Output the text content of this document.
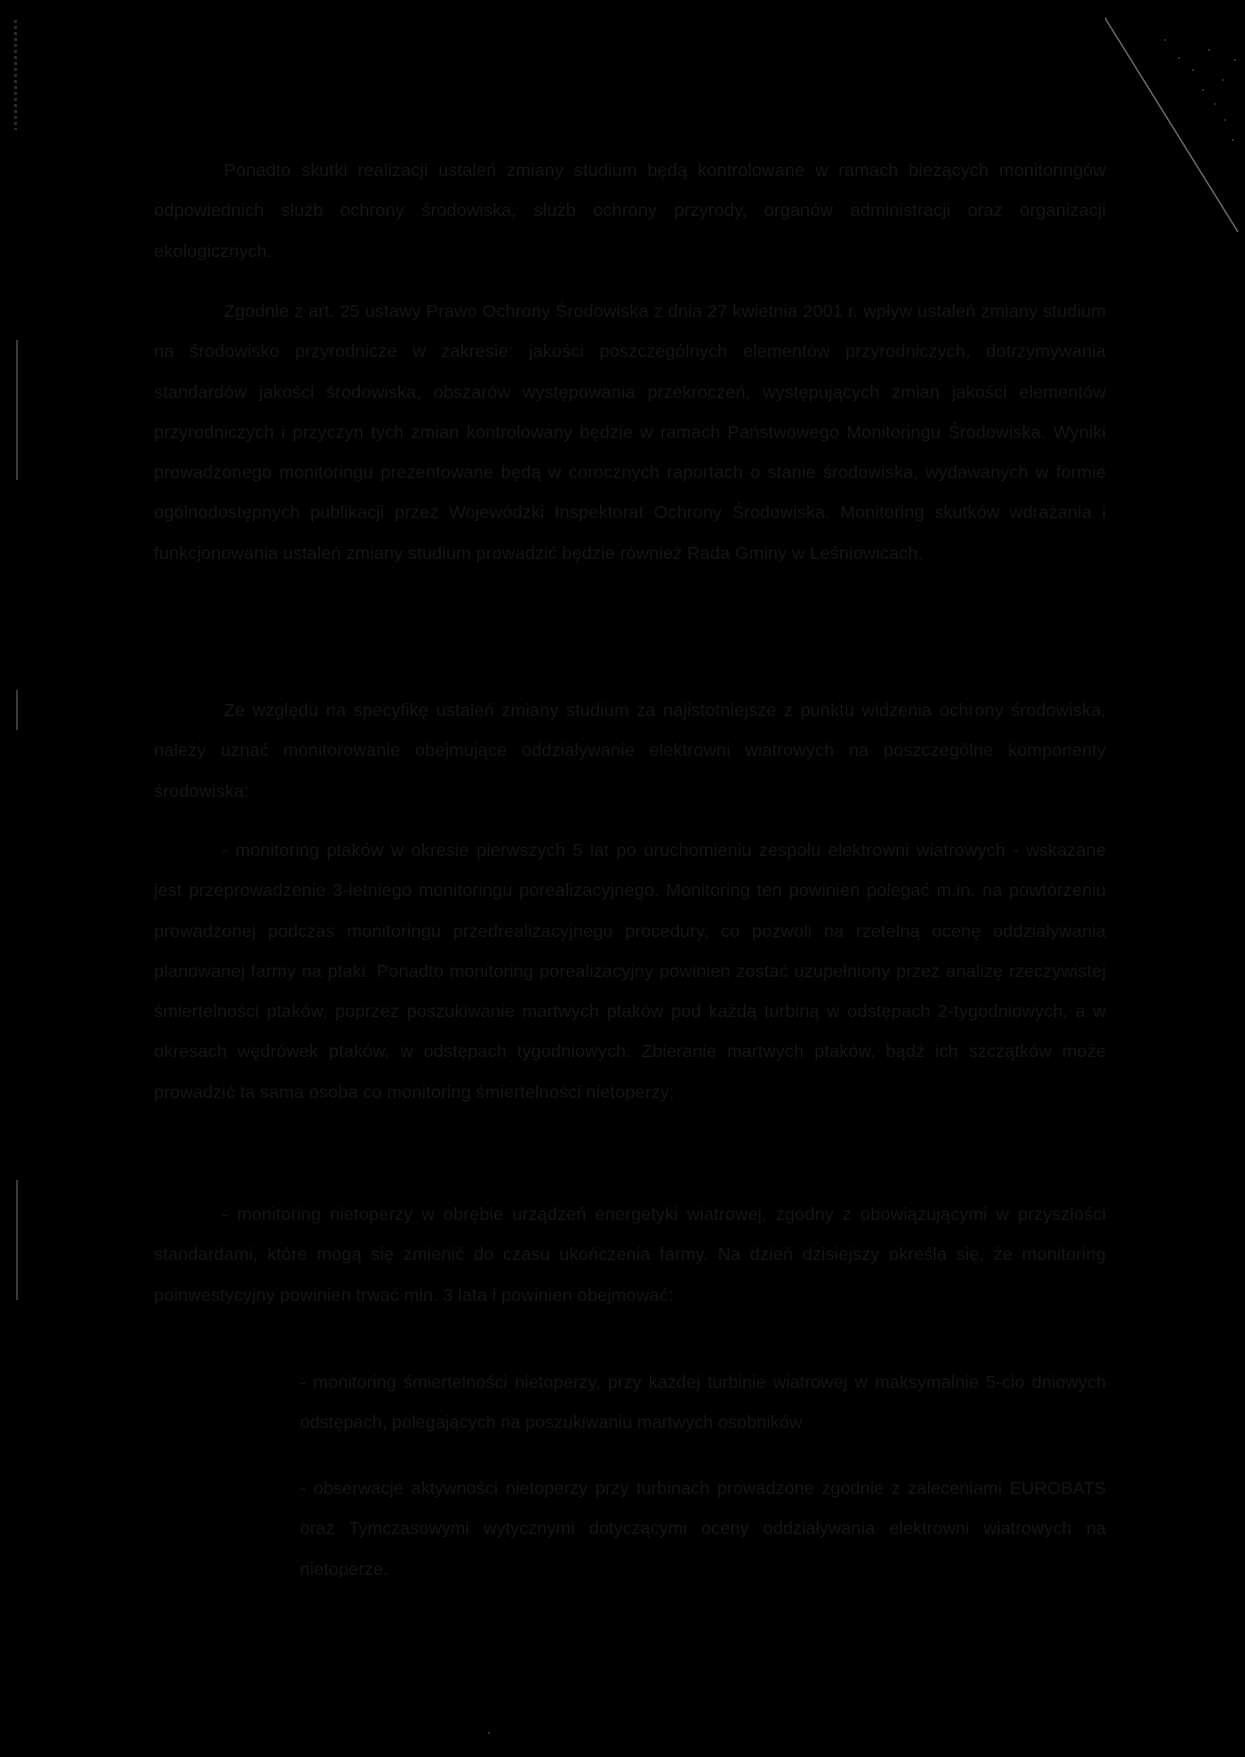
Ponadto skutki realizacji ustaleń zmiany studium będą kontrolowane w ramach bieżących monitoringów odpowiednich służb ochrony środowiska, służb ochrony przyrody, organów administracji oraz organizacji ekologicznych.
Zgodnie z art. 25 ustawy Prawo Ochrony Środowiska z dnia 27 kwietnia 2001 r. wpływ ustaleń zmiany studium na środowisko przyrodnicze w zakresie: jakości poszczególnych elementów przyrodniczych, dotrzymywania standardów jakości środowiska, obszarów występowania przekroczeń, występujących zmian jakości elementów przyrodniczych i przyczyn tych zmian kontrolowany będzie w ramach Państwowego Monitoringu Środowiska. Wyniki prowadzonego monitoringu prezentowane będą w corocznych raportach o stanie środowiska, wydawanych w formie ogólnodostępnych publikacji przez Wojewódzki Inspektorat Ochrony Środowiska. Monitoring skutków wdrażania i funkcjonowania ustaleń zmiany studium prowadzić będzie również Rada Gminy w Leśniowicach.
Ze względu na specyfikę ustaleń zmiany studium za najistotniejsze z punktu widzenia ochrony środowiska, należy uznać monitorowanie obejmujące oddziaływanie elektrowni wiatrowych na poszczególne komponenty środowiska:
- monitoring ptaków w okresie pierwszych 5 lat po uruchomieniu zespołu elektrowni wiatrowych - wskazane jest przeprowadzenie 3-letniego monitoringu porealizacyjnego. Monitoring ten powinien polegać m.in. na powtórzeniu prowadzonej podczas monitoringu przedrealizacyjnego procedury, co pozwoli na rzetelną ocenę oddziaływania planowanej farmy na ptaki. Ponadto monitoring porealizacyjny powinien zostać uzupełniony przez analizę rzeczywistej śmiertelności ptaków, poprzez poszukiwanie martwych ptaków pod każdą turbiną w odstępach 2-tygodniowych, a w okresach wędrówek ptaków, w odstępach tygodniowych. Zbieranie martwych ptaków, bądź ich szczątków może prowadzić ta sama osoba co monitoring śmiertelności nietoperzy;
- monitoring nietoperzy w obrębie urządzeń energetyki wiatrowej, zgodny z obowiązującymi w przyszłości standardami, które mogą się zmienić do czasu ukończenia farmy. Na dzień dzisiejszy określa się, że monitoring poinwestycyjny powinien trwać min. 3 lata i powinien obejmować:
- monitoring śmiertelności nietoperzy, przy każdej turbinie wiatrowej w maksymalnie 5-cio dniowych odstępach, polegających na poszukiwaniu martwych osobników
- obserwacje aktywności nietoperzy przy turbinach prowadzone zgodnie z zaleceniami EUROBATS oraz Tymczasowymi wytycznymi dotyczącymi oceny oddziaływania elektrowni wiatrowych na nietoperze.
